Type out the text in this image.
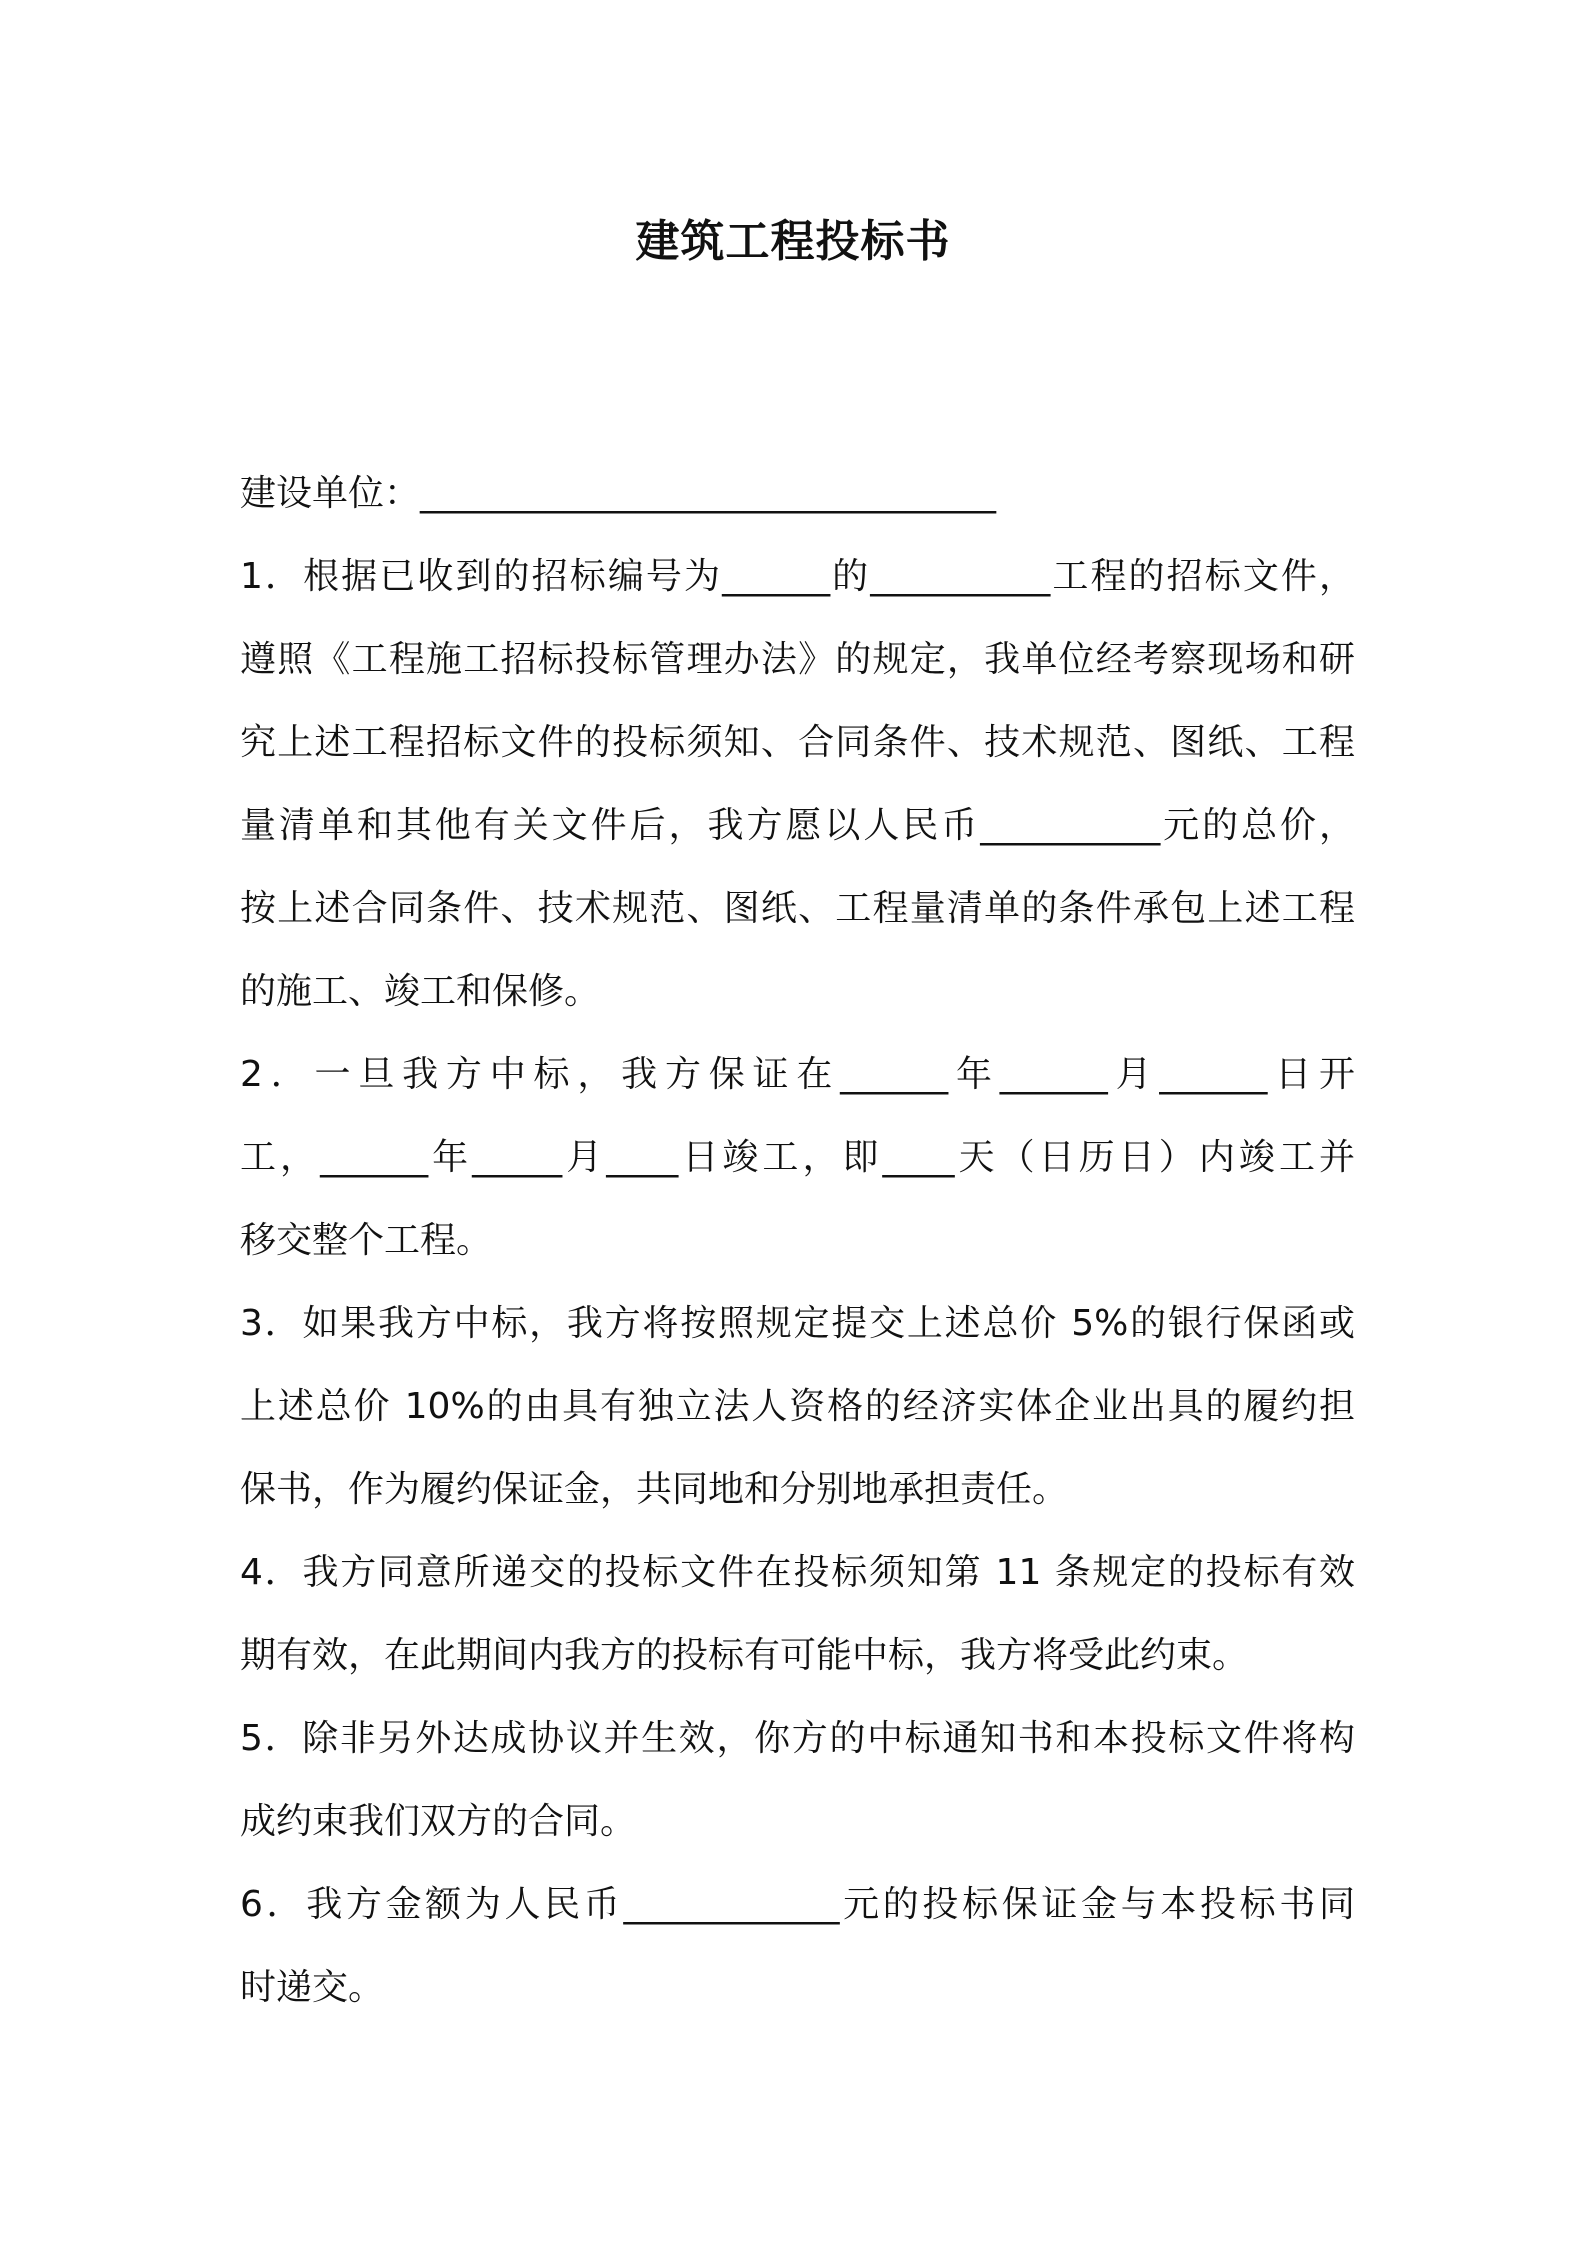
建筑工程投标书
建设单位：________________________________
1．根据已收到的招标编号为______的__________工程的招标文件，
遵照《工程施工招标投标管理办法》的规定，我单位经考察现场和研
究上述工程招标文件的投标须知、合同条件、技术规范、图纸、工程
量清单和其他有关文件后，我方愿以人民币__________元的总价，
按上述合同条件、技术规范、图纸、工程量清单的条件承包上述工程
的施工、竣工和保修。
2．一旦我方中标，我方保证在______年______月______日开
工，______年_____月____日竣工，即____天（日历日）内竣工并
移交整个工程。
3．如果我方中标，我方将按照规定提交上述总价 5%的银行保函或
上述总价 10%的由具有独立法人资格的经济实体企业出具的履约担
保书，作为履约保证金，共同地和分别地承担责任。
4．我方同意所递交的投标文件在投标须知第 11 条规定的投标有效
期有效，在此期间内我方的投标有可能中标，我方将受此约束。
5．除非另外达成协议并生效，你方的中标通知书和本投标文件将构
成约束我们双方的合同。
6．我方金额为人民币____________元的投标保证金与本投标书同
时递交。
